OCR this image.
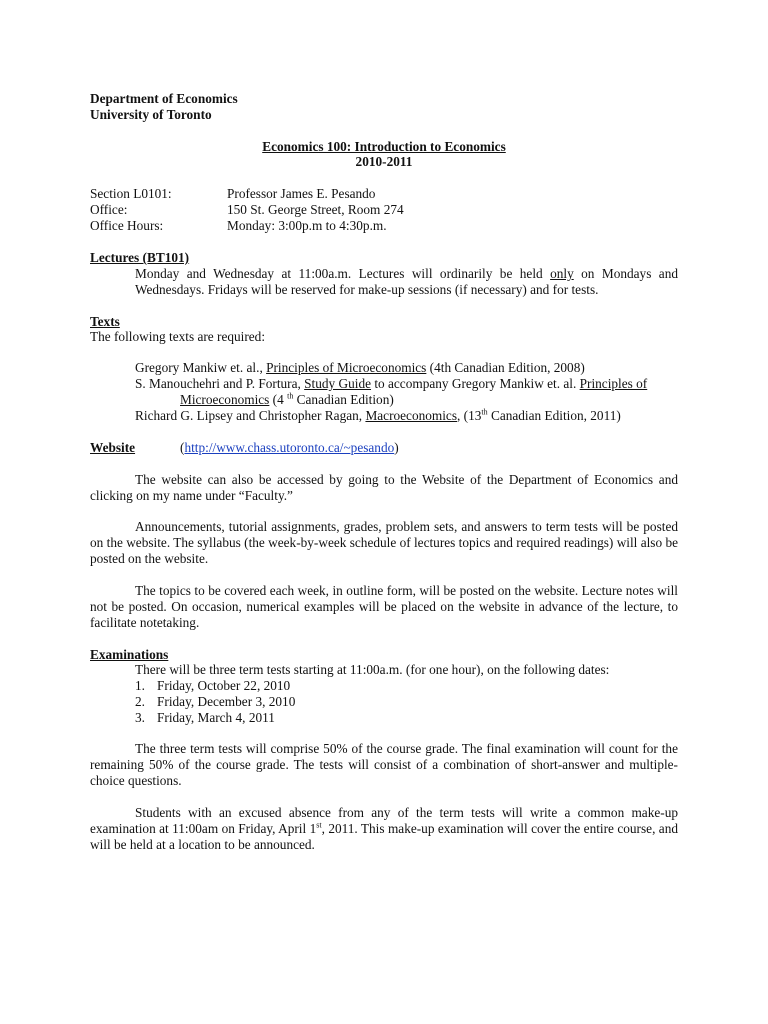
Department of Economics
University of Toronto
Economics 100: Introduction to Economics
2010-2011
Section L0101:	Professor James E. Pesando
Office:	150 St. George Street, Room 274
Office Hours:	Monday: 3:00p.m to 4:30p.m.
Lectures (BT101)
Monday and Wednesday at 11:00a.m. Lectures will ordinarily be held only on Mondays and Wednesdays. Fridays will be reserved for make-up sessions (if necessary) and for tests.
Texts
The following texts are required:
Gregory Mankiw et. al., Principles of Microeconomics (4th Canadian Edition, 2008)
S. Manouchehri and P. Fortura, Study Guide to accompany Gregory Mankiw et. al. Principles of Microeconomics (4 $^{th}$ Canadian Edition)
Richard G. Lipsey and Christopher Ragan, Macroeconomics, (13th Canadian Edition, 2011)
Website	(http://www.chass.utoronto.ca/~pesando)
The website can also be accessed by going to the Website of the Department of Economics and clicking on my name under “Faculty.”
Announcements, tutorial assignments, grades, problem sets, and answers to term tests will be posted on the website. The syllabus (the week-by-week schedule of lectures topics and required readings) will also be posted on the website.
The topics to be covered each week, in outline form, will be posted on the website. Lecture notes will not be posted. On occasion, numerical examples will be placed on the website in advance of the lecture, to facilitate notetaking.
Examinations
There will be three term tests starting at 11:00a.m. (for one hour), on the following dates:
1. Friday, October 22, 2010
2. Friday, December 3, 2010
3. Friday, March 4, 2011
The three term tests will comprise 50% of the course grade. The final examination will count for the remaining 50% of the course grade. The tests will consist of a combination of short-answer and multiple-choice questions.
Students with an excused absence from any of the term tests will write a common make-up examination at 11:00am on Friday, April 1st, 2011. This make-up examination will cover the entire course, and will be held at a location to be announced.
